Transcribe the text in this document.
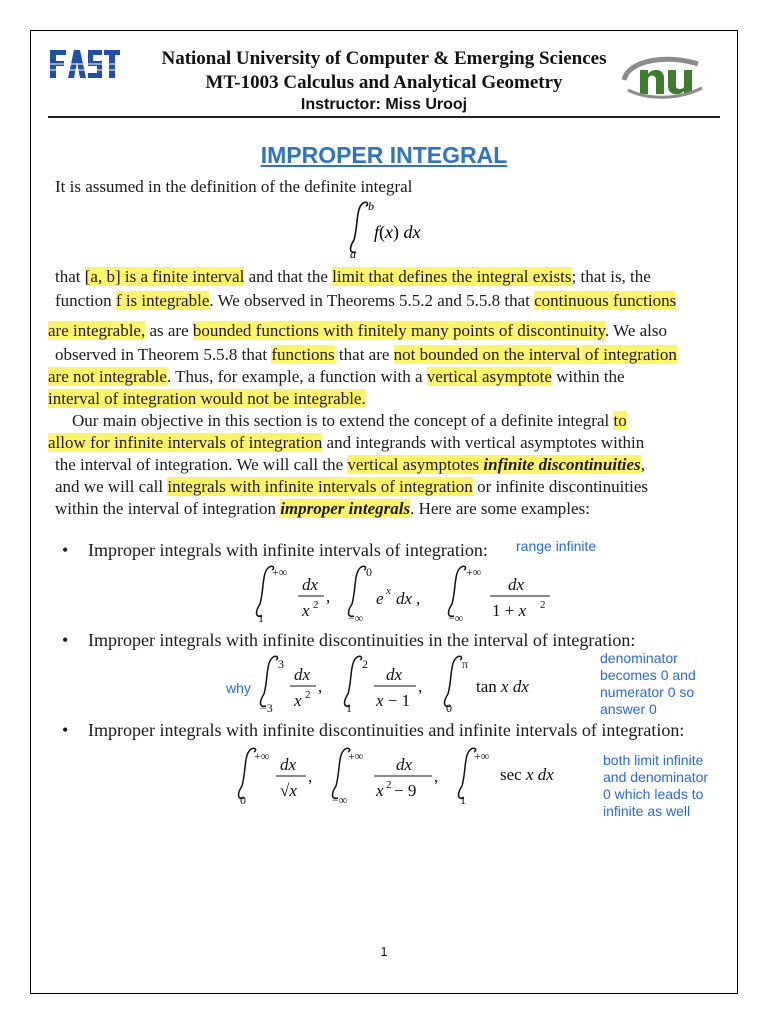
National University of Computer & Emerging Sciences
MT-1003 Calculus and Analytical Geometry
Instructor: Miss Urooj
IMPROPER INTEGRAL
It is assumed in the definition of the definite integral
b
a
f(x) dx
that [a, b] is a finite interval and that the limit that defines the integral exists; that is, the
function f is integrable. We observed in Theorems 5.5.2 and 5.5.8 that continuous functions
are integrable, as are bounded functions with finitely many points of discontinuity. We also
observed in Theorem 5.5.8 that functions that are not bounded on the interval of integration
are not integrable. Thus, for example, a function with a vertical asymptote within the
interval of integration would not be integrable.
Our main objective in this section is to extend the concept of a definite integral to
allow for infinite intervals of integration and integrands with vertical asymptotes within
the interval of integration. We will call the vertical asymptotes infinite discontinuities,
and we will call integrals with infinite intervals of integration or infinite discontinuities
within the interval of integration improper integrals. Here are some examples:
• Improper integrals with infinite intervals of integration: range infinite
+∞
1
dx
x 2 ,
0
−∞
e x dx ,
+∞
−∞
dx
1 + x 2
• Improper integrals with infinite discontinuities in the interval of integration:
why
denominator
becomes 0 and
numerator 0 so
answer 0
3
−3
dx
x 2 ,
2
1
dx
x − 1
,
π
0
tan x dx
• Improper integrals with infinite discontinuities and infinite intervals of integration:
both limit infinite
and denominator
0 which leads to
infinite as well
+∞
0
dx
√x
,
+∞
−∞
dx
x 2 − 9
,
+∞
1
sec x dx
1
